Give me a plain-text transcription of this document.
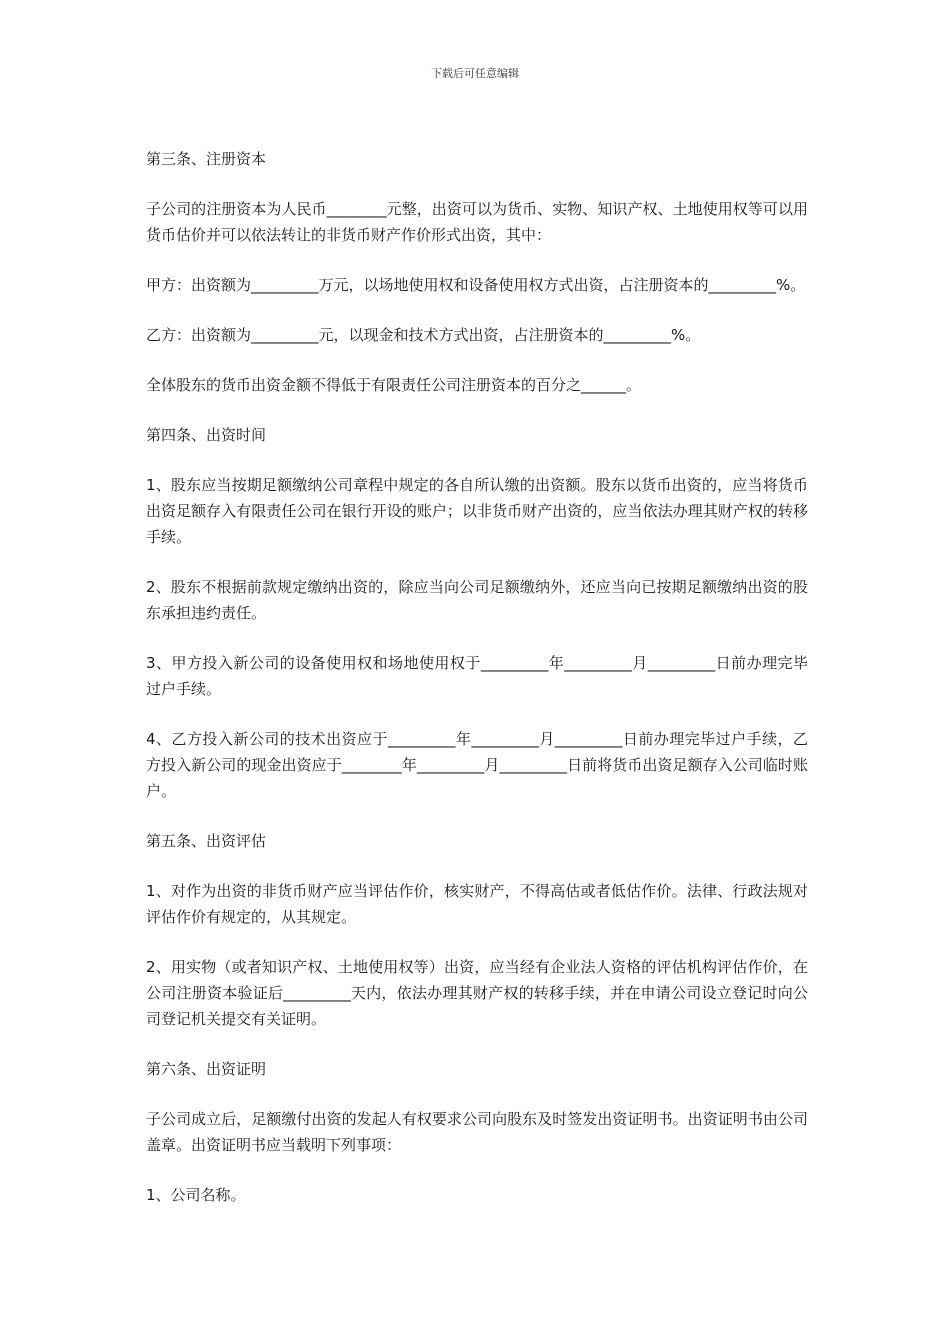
下载后可任意编辑
第三条、注册资本
子公司的注册资本为人民币________元整，出资可以为货币、实物、知识产权、土地使用权等可以用货币估价并可以依法转让的非货币财产作价形式出资，其中：
甲方：出资额为_________万元，以场地使用权和设备使用权方式出资，占注册资本的_________%。
乙方：出资额为_________元，以现金和技术方式出资，占注册资本的_________%。
全体股东的货币出资金额不得低于有限责任公司注册资本的百分之______。
第四条、出资时间
1、股东应当按期足额缴纳公司章程中规定的各自所认缴的出资额。股东以货币出资的，应当将货币出资足额存入有限责任公司在银行开设的账户；以非货币财产出资的，应当依法办理其财产权的转移手续。
2、股东不根据前款规定缴纳出资的，除应当向公司足额缴纳外，还应当向已按期足额缴纳出资的股东承担违约责任。
3、甲方投入新公司的设备使用权和场地使用权于_________年_________月_________日前办理完毕过户手续。
4、乙方投入新公司的技术出资应于_________年_________月_________日前办理完毕过户手续，乙方投入新公司的现金出资应于________年_________月_________日前将货币出资足额存入公司临时账户。
第五条、出资评估
1、对作为出资的非货币财产应当评估作价，核实财产，不得高估或者低估作价。法律、行政法规对评估作价有规定的，从其规定。
2、用实物（或者知识产权、土地使用权等）出资，应当经有企业法人资格的评估机构评估作价，在公司注册资本验证后_________天内，依法办理其财产权的转移手续，并在申请公司设立登记时向公司登记机关提交有关证明。
第六条、出资证明
子公司成立后，足额缴付出资的发起人有权要求公司向股东及时签发出资证明书。出资证明书由公司盖章。出资证明书应当载明下列事项：
1、公司名称。
